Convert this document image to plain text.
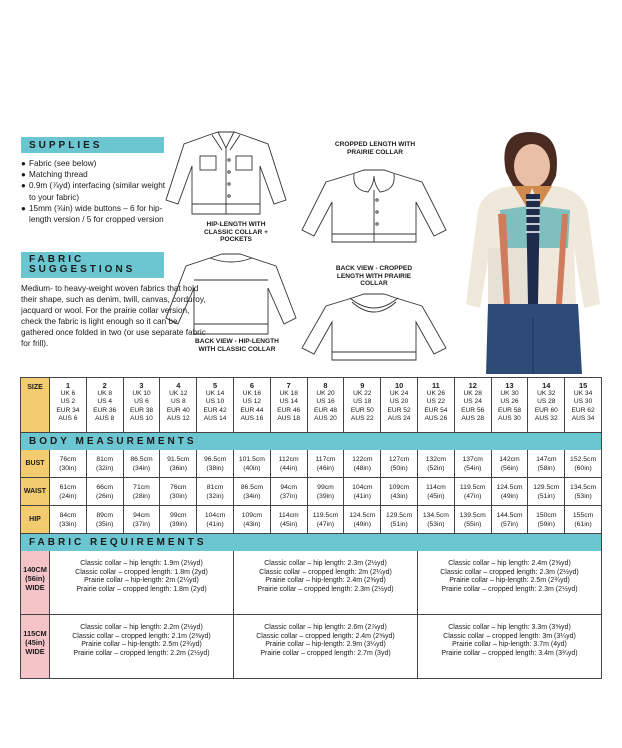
SUPPLIES
● Fabric (see below)
● Matching thread
● 0.9m (⅞yd) interfacing (similar weight to your fabric)
● 15mm (⅝in) wide buttons – 6 for hip-length version / 5 for cropped version
FABRIC
SUGGESTIONS

Medium- to heavy-weight woven fabrics that hold their shape, such as denim, twill, canvas, corduroy, jacquard or wool. For the prairie collar version, check the fabric is light enough so it can be gathered once folded in two (or use separate fabric for frill).

HIP-LENGTH WITH CLASSIC COLLAR + POCKETS
CROPPED LENGTH WITH PRAIRIE COLLAR
BACK VIEW - HIP-LENGTH WITH CLASSIC COLLAR
BACK VIEW - CROPPED LENGTH WITH PRAIRIE COLLAR
SIZE	1
UK 6
US 2
EUR 34
AUS 6
2
UK 8
US 4
EUR 36
AUS 8
3
UK 10
US 6
EUR 38
AUS 10
4
UK 12
US 8
EUR 40
AUS 12
5
UK 14
US 10
EUR 42
AUS 14
6
UK 16
US 12
EUR 44
AUS 16
7
UK 18
US 14
EUR 46
AUS 18
8
UK 20
US 16
EUR 48
AUS 20
9
UK 22
US 18
EUR 50
AUS 22
10
UK 24
US 20
EUR 52
AUS 24
11
UK 26
US 22
EUR 54
AUS 26
12
UK 28
US 24
EUR 56
AUS 28
13
UK 30
US 26
EUR 58
AUS 30
14
UK 32
US 28
EUR 60
AUS 32
15
UK 34
US 30
EUR 62
AUS 34
BODY MEASUREMENTS
BUST
76cm
(30in)
81cm
(32in)
86.5cm
(34in)
91.5cm
(36in)
96.5cm
(38in)
101.5cm
(40in)
112cm
(44in)
117cm
(46in)
122cm
(48in)
127cm
(50in)
132cm
(52in)
137cm
(54in)
142cm
(56in)
147cm
(58in)
152.5cm
(60in)
WAIST
61cm
(24in)
66cm
(26in)
71cm
(28in)
76cm
(30in)
81cm
(32in)
86.5cm
(34in)
94cm
(37in)
99cm
(39in)
104cm
(41in)
109cm
(43in)
114cm
(45in)
119.5cm
(47in)
124.5cm
(49in)
129.5cm
(51in)
134.5cm
(53in)
HIP
84cm
(33in)
89cm
(35in)
94cm
(37in)
99cm
(39in)
104cm
(41in)
109cm
(43in)
114cm
(45in)
119.5cm
(47in)
124.5cm
(49in)
129.5cm
(51in)
134.5cm
(53in)
139.5cm
(55in)
144.5cm
(57in)
150cm
(59in)
155cm
(61in)
FABRIC REQUIREMENTS
140CM
(56in)
WIDE
Classic collar – hip length: 1.9m (2⅛yd)
Classic collar – cropped length: 1.8m (2yd)
Prairie collar – hip-length: 2m (2¼yd)
Prairie collar – cropped length: 1.8m (2yd)
Classic collar – hip length: 2.3m (2½yd)
Classic collar – cropped length: 2m (2¼yd)
Prairie collar – hip-length: 2.4m (2⅝yd)
Prairie collar – cropped length: 2.3m (2½yd)
Classic collar – hip length: 2.4m (2⅝yd)
Classic collar – cropped length: 2.3m (2½yd)
Prairie collar – hip-length: 2.5m (2¾yd)
Prairie collar – cropped length: 2.3m (2½yd)
115CM
(45in)
WIDE
Classic collar – hip length: 2.2m (2½yd)
Classic collar – cropped length: 2.1m (2⅜yd)
Prairie collar – hip-length: 2.5m (2¾yd)
Prairie collar – cropped length: 2.2m (2½yd)
Classic collar – hip length: 2.6m (2⅞yd)
Classic collar – cropped length: 2.4m (2⅝yd)
Prairie collar – hip-length: 2.9m (3¼yd)
Prairie collar – cropped length: 2.7m (3yd)
Classic collar – hip length: 3.3m (3⅝yd)
Classic collar – cropped length: 3m (3¼yd)
Prairie collar – hip-length: 3.7m (4yd)
Prairie collar – cropped length: 3.4m (3¾yd)
